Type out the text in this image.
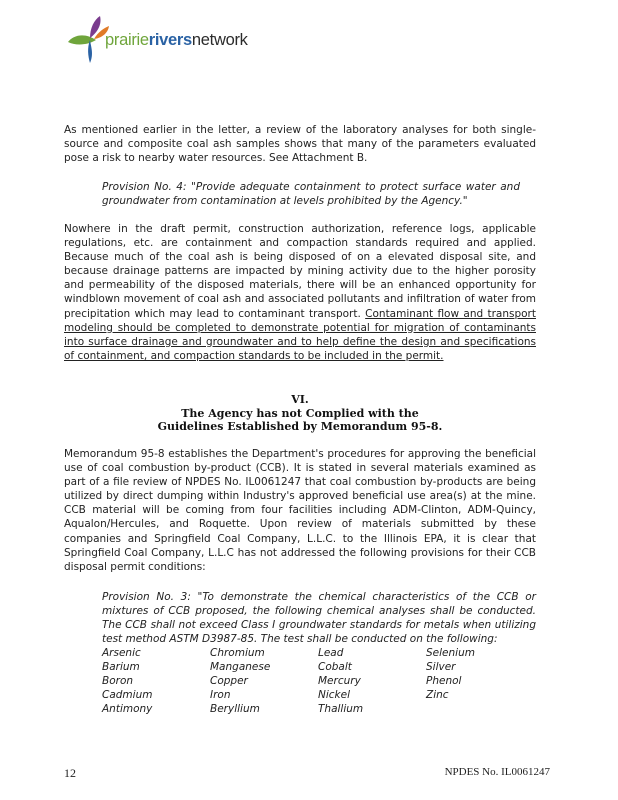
prairieriversnetwork

As mentioned earlier in the letter, a review of the laboratory analyses for both single-source and composite coal ash samples shows that many of the parameters evaluated pose a risk to nearby water resources. See Attachment B.

Provision No. 4: "Provide adequate containment to protect surface water and groundwater from contamination at levels prohibited by the Agency."

Nowhere in the draft permit, construction authorization, reference logs, applicable regulations, etc. are containment and compaction standards required and applied. Because much of the coal ash is being disposed of on a elevated disposal site, and because drainage patterns are impacted by mining activity due to the higher porosity and permeability of the disposed materials, there will be an enhanced opportunity for windblown movement of coal ash and associated pollutants and infiltration of water from precipitation which may lead to contaminant transport. Contaminant flow and transport modeling should be completed to demonstrate potential for migration of contaminants into surface drainage and groundwater and to help define the design and specifications of containment, and compaction standards to be included in the permit.

VI.
The Agency has not Complied with the Guidelines Established by Memorandum 95-8.

Memorandum 95-8 establishes the Department's procedures for approving the beneficial use of coal combustion by-product (CCB). It is stated in several materials examined as part of a file review of NPDES No. IL0061247 that coal combustion by-products are being utilized by direct dumping within Industry's approved beneficial use area(s) at the mine. CCB material will be coming from four facilities including ADM-Clinton, ADM-Quincy, Aqualon/Hercules, and Roquette. Upon review of materials submitted by these companies and Springfield Coal Company, L.L.C. to the Illinois EPA, it is clear that Springfield Coal Company, L.L.C has not addressed the following provisions for their CCB disposal permit conditions:

Provision No. 3: "To demonstrate the chemical characteristics of the CCB or mixtures of CCB proposed, the following chemical analyses shall be conducted. The CCB shall not exceed Class I groundwater standards for metals when utilizing test method ASTM D3987-85. The test shall be conducted on the following:

Arsenic	Chromium	Lead	Selenium
Barium	Manganese	Cobalt	Silver
Boron	Copper	Mercury	Phenol
Cadmium	Iron	Nickel	Zinc
Antimony	Beryllium	Thallium
12	NPDES No. IL0061247
